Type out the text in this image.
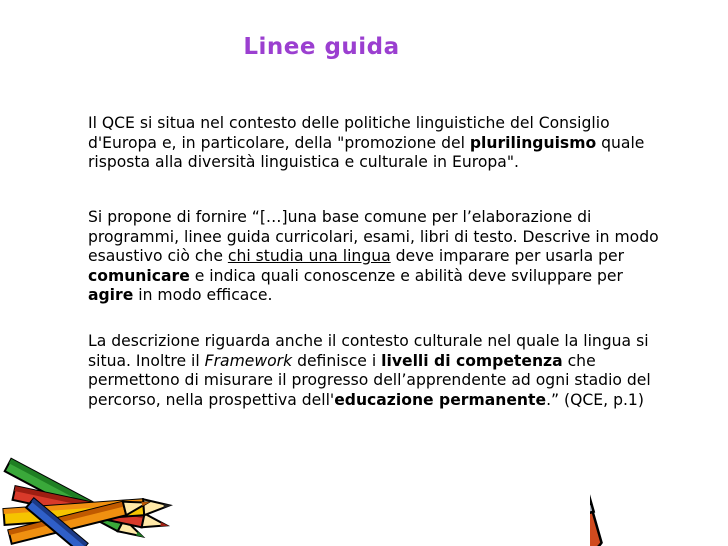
Linee guida

Il QCE si situa nel contesto delle politiche linguistiche del Consiglio d'Europa e, in particolare, della "promozione del plurilinguismo quale risposta alla diversità linguistica e culturale in Europa".

Si propone di fornire “[…]una base comune per l’elaborazione di programmi, linee guida curricolari, esami, libri di testo. Descrive in modo esaustivo ciò che chi studia una lingua deve imparare per usarla per comunicare e indica quali conoscenze e abilità deve sviluppare per agire in modo efficace.

La descrizione riguarda anche il contesto culturale nel quale la lingua si situa. Inoltre il Framework definisce i livelli di competenza che permettono di misurare il progresso dell’apprendente ad ogni stadio del percorso, nella prospettiva dell'educazione permanente.” (QCE, p.1)
